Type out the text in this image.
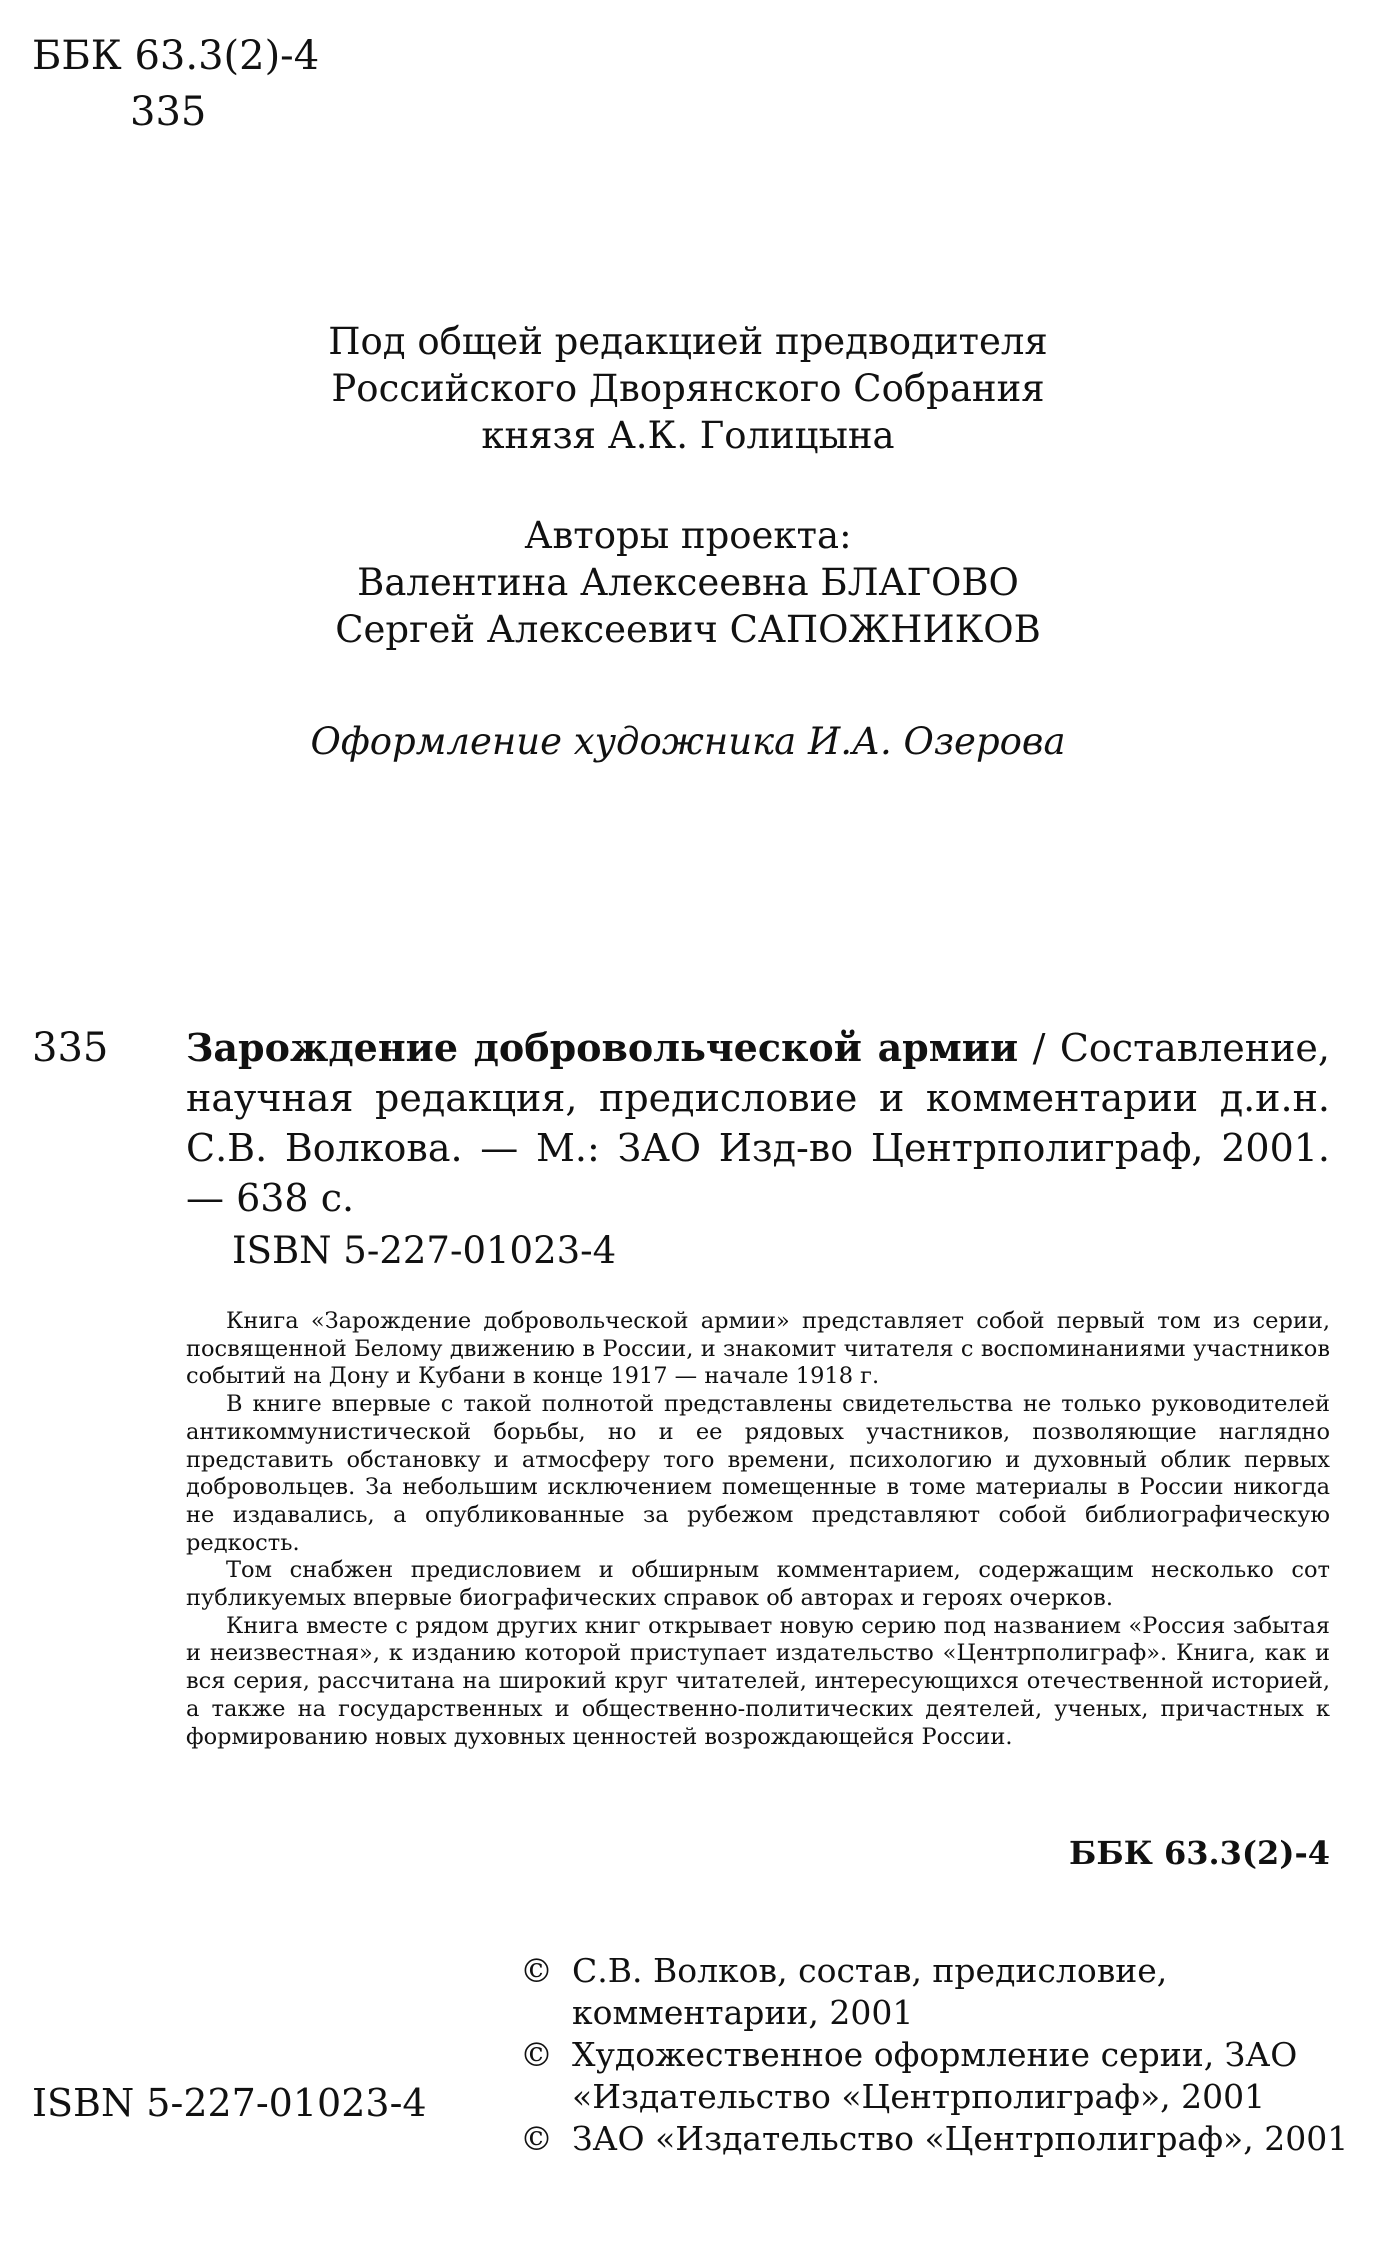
ББК 63.3(2)-4
335
Под общей редакцией предводителя
Российского Дворянского Собрания
князя А.К. Голицына
Авторы проекта:
Валентина Алексеевна БЛАГОВО
Сергей Алексеевич САПОЖНИКОВ
Оформление художника И.А. Озерова
335 Зарождение добровольческой армии / Составление, научная редакция, предисловие и комментарии д.и.н. С.В. Волкова. — М.: ЗАО Изд-во Центрполиграф, 2001. — 638 с.
ISBN 5-227-01023-4

Книга «Зарождение добровольческой армии» представляет собой первый том из серии, посвященной Белому движению в России, и знакомит читателя с воспоминаниями участников событий на Дону и Кубани в конце 1917 — начале 1918 г.

В книге впервые с такой полнотой представлены свидетельства не только руководителей антикоммунистической борьбы, но и ее рядовых участников, позволяющие наглядно представить обстановку и атмосферу того времени, психологию и духовный облик первых добровольцев. За небольшим исключением помещенные в томе материалы в России никогда не издавались, а опубликованные за рубежом представляют собой библиографическую редкость.

Том снабжен предисловием и обширным комментарием, содержащим несколько сот публикуемых впервые биографических справок об авторах и героях очерков.

Книга вместе с рядом других книг открывает новую серию под названием «Россия забытая и неизвестная», к изданию которой приступает издательство «Центрполиграф». Книга, как и вся серия, рассчитана на широкий круг читателей, интересующихся отечественной историей, а также на государственных и общественно-политических деятелей, ученых, причастных к формированию новых духовных ценностей возрождающейся России.

ББК 63.3(2)-4
© С.В. Волков, состав, предисловие, комментарии, 2001
© Художественное оформление серии, ЗАО «Издательство «Центрполиграф», 2001
© ЗАО «Издательство «Центрполиграф», 2001
ISBN 5-227-01023-4
